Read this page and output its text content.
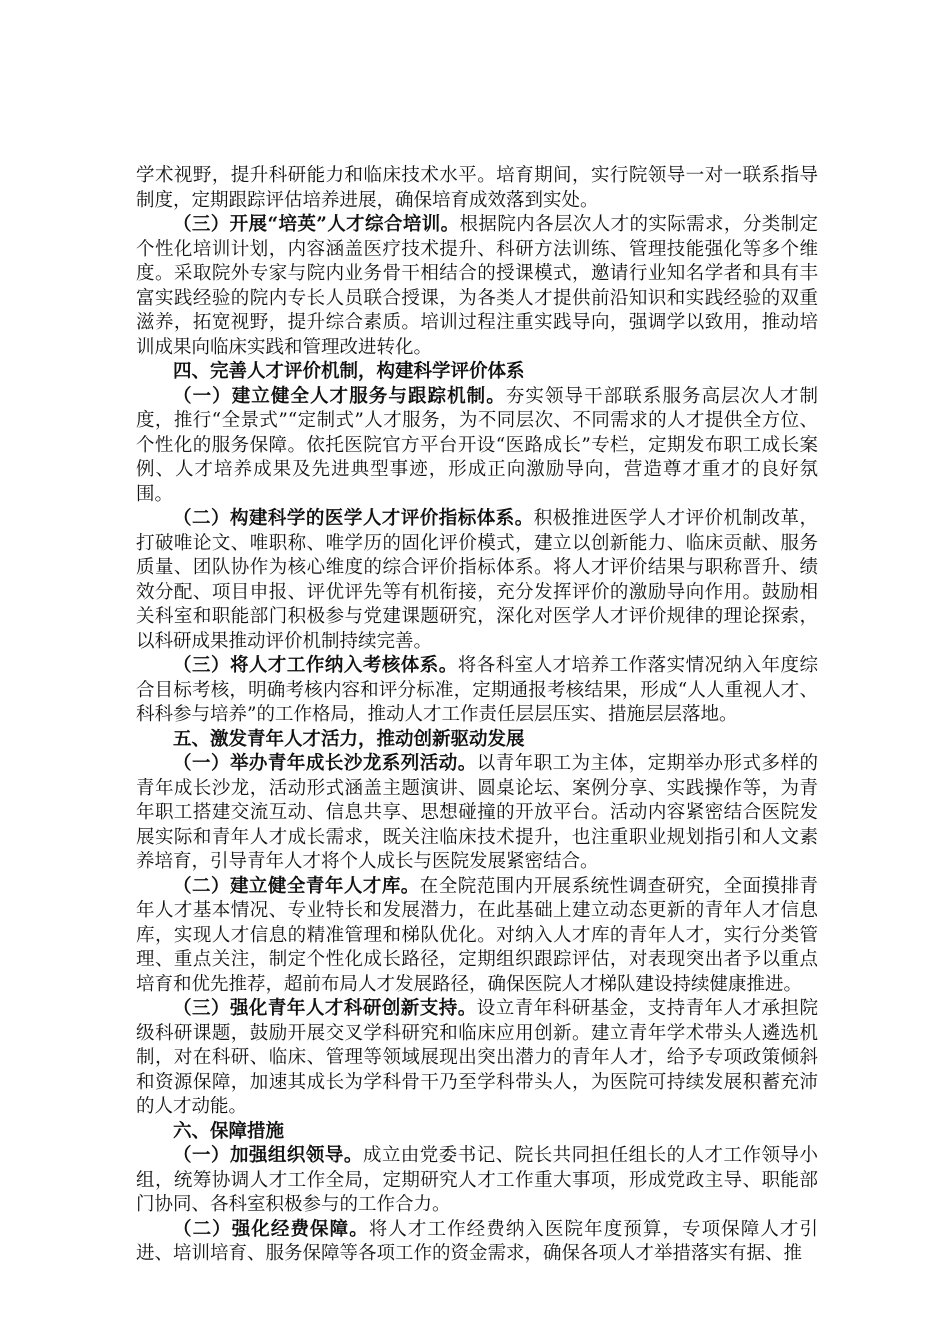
学术视野，提升科研能力和临床技术水平。培育期间，实行院领导一对一联系指导制度，定期跟踪评估培养进展，确保培育成效落到实处。

（三）开展“培英”人才综合培训。根据院内各层次人才的实际需求，分类制定个性化培训计划，内容涵盖医疗技术提升、科研方法训练、管理技能强化等多个维度。采取院外专家与院内业务骨干相结合的授课模式，邀请行业知名学者和具有丰富实践经验的院内专长人员联合授课，为各类人才提供前沿知识和实践经验的双重滋养，拓宽视野，提升综合素质。培训过程注重实践导向，强调学以致用，推动培训成果向临床实践和管理改进转化。

四、完善人才评价机制，构建科学评价体系

（一）建立健全人才服务与跟踪机制。夯实领导干部联系服务高层次人才制度，推行“全景式”“定制式”人才服务，为不同层次、不同需求的人才提供全方位、个性化的服务保障。依托医院官方平台开设“医路成长”专栏，定期发布职工成长案例、人才培养成果及先进典型事迹，形成正向激励导向，营造尊才重才的良好氛围。

（二）构建科学的医学人才评价指标体系。积极推进医学人才评价机制改革，打破唯论文、唯职称、唯学历的固化评价模式，建立以创新能力、临床贡献、服务质量、团队协作为核心维度的综合评价指标体系。将人才评价结果与职称晋升、绩效分配、项目申报、评优评先等有机衔接，充分发挥评价的激励导向作用。鼓励相关科室和职能部门积极参与党建课题研究，深化对医学人才评价规律的理论探索，以科研成果推动评价机制持续完善。

（三）将人才工作纳入考核体系。将各科室人才培养工作落实情况纳入年度综合目标考核，明确考核内容和评分标准，定期通报考核结果，形成“人人重视人才、科科参与培养”的工作格局，推动人才工作责任层层压实、措施层层落地。

五、激发青年人才活力，推动创新驱动发展

（一）举办青年成长沙龙系列活动。以青年职工为主体，定期举办形式多样的青年成长沙龙，活动形式涵盖主题演讲、圆桌论坛、案例分享、实践操作等，为青年职工搭建交流互动、信息共享、思想碰撞的开放平台。活动内容紧密结合医院发展实际和青年人才成长需求，既关注临床技术提升，也注重职业规划指引和人文素养培育，引导青年人才将个人成长与医院发展紧密结合。

（二）建立健全青年人才库。在全院范围内开展系统性调查研究，全面摸排青年人才基本情况、专业特长和发展潜力，在此基础上建立动态更新的青年人才信息库，实现人才信息的精准管理和梯队优化。对纳入人才库的青年人才，实行分类管理、重点关注，制定个性化成长路径，定期组织跟踪评估，对表现突出者予以重点培育和优先推荐，超前布局人才发展路径，确保医院人才梯队建设持续健康推进。

（三）强化青年人才科研创新支持。设立青年科研基金，支持青年人才承担院级科研课题，鼓励开展交叉学科研究和临床应用创新。建立青年学术带头人遴选机制，对在科研、临床、管理等领域展现出突出潜力的青年人才，给予专项政策倾斜和资源保障，加速其成长为学科骨干乃至学科带头人，为医院可持续发展积蓄充沛的人才动能。

六、保障措施

（一）加强组织领导。成立由党委书记、院长共同担任组长的人才工作领导小组，统筹协调人才工作全局，定期研究人才工作重大事项，形成党政主导、职能部门协同、各科室积极参与的工作合力。

（二）强化经费保障。将人才工作经费纳入医院年度预算，专项保障人才引进、培训培育、服务保障等各项工作的资金需求，确保各项人才举措落实有据、推
